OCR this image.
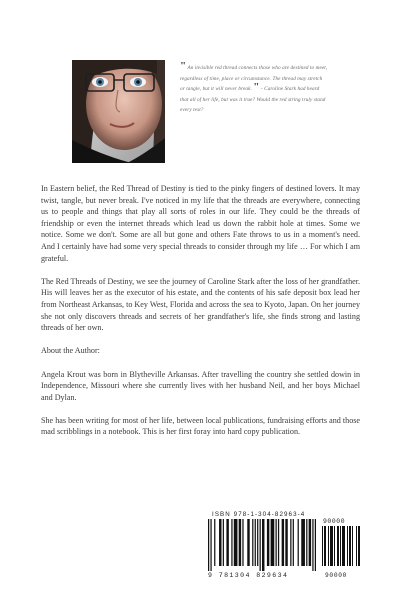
" An invisible red thread connects those who are destined to meet, regardless of time, place or circumstance. The thread may stretch or tangle, but it will never break. " - Caroline Stark had heard that all of her life, but was it true? Would the red string truly stand every test?

In Eastern belief, the Red Thread of Destiny is tied to the pinky fingers of destined lovers. It may twist, tangle, but never break. I've noticed in my life that the threads are everywhere, connecting us to people and things that play all sorts of roles in our life. They could be the threads of friendship or even the internet threads which lead us down the rabbit hole at times. Some we notice. Some we don't. Some are all but gone and others Fate throws to us in a moment's need. And I certainly have had some very special threads to consider through my life … For which I am grateful.

The Red Threads of Destiny, we see the journey of Caroline Stark after the loss of her grandfather. His will leaves her as the executor of his estate, and the contents of his safe deposit box lead her from Northeast Arkansas, to Key West, Florida and across the sea to Kyoto, Japan. On her journey she not only discovers threads and secrets of her grandfather's life, she finds strong and lasting threads of her own.

About the Author:

Angela Krout was born in Blytheville Arkansas. After travelling the country she settled dowin in Independence, Missouri where she currently lives with her husband Neil, and her boys Michael and Dylan.

She has been writing for most of her life, between local publications, fundraising efforts and those mad scribblings in a notebook. This is her first foray into hard copy publication.

ISBN 978-1-304-82963-4
90000
9 781304 829634	90000
